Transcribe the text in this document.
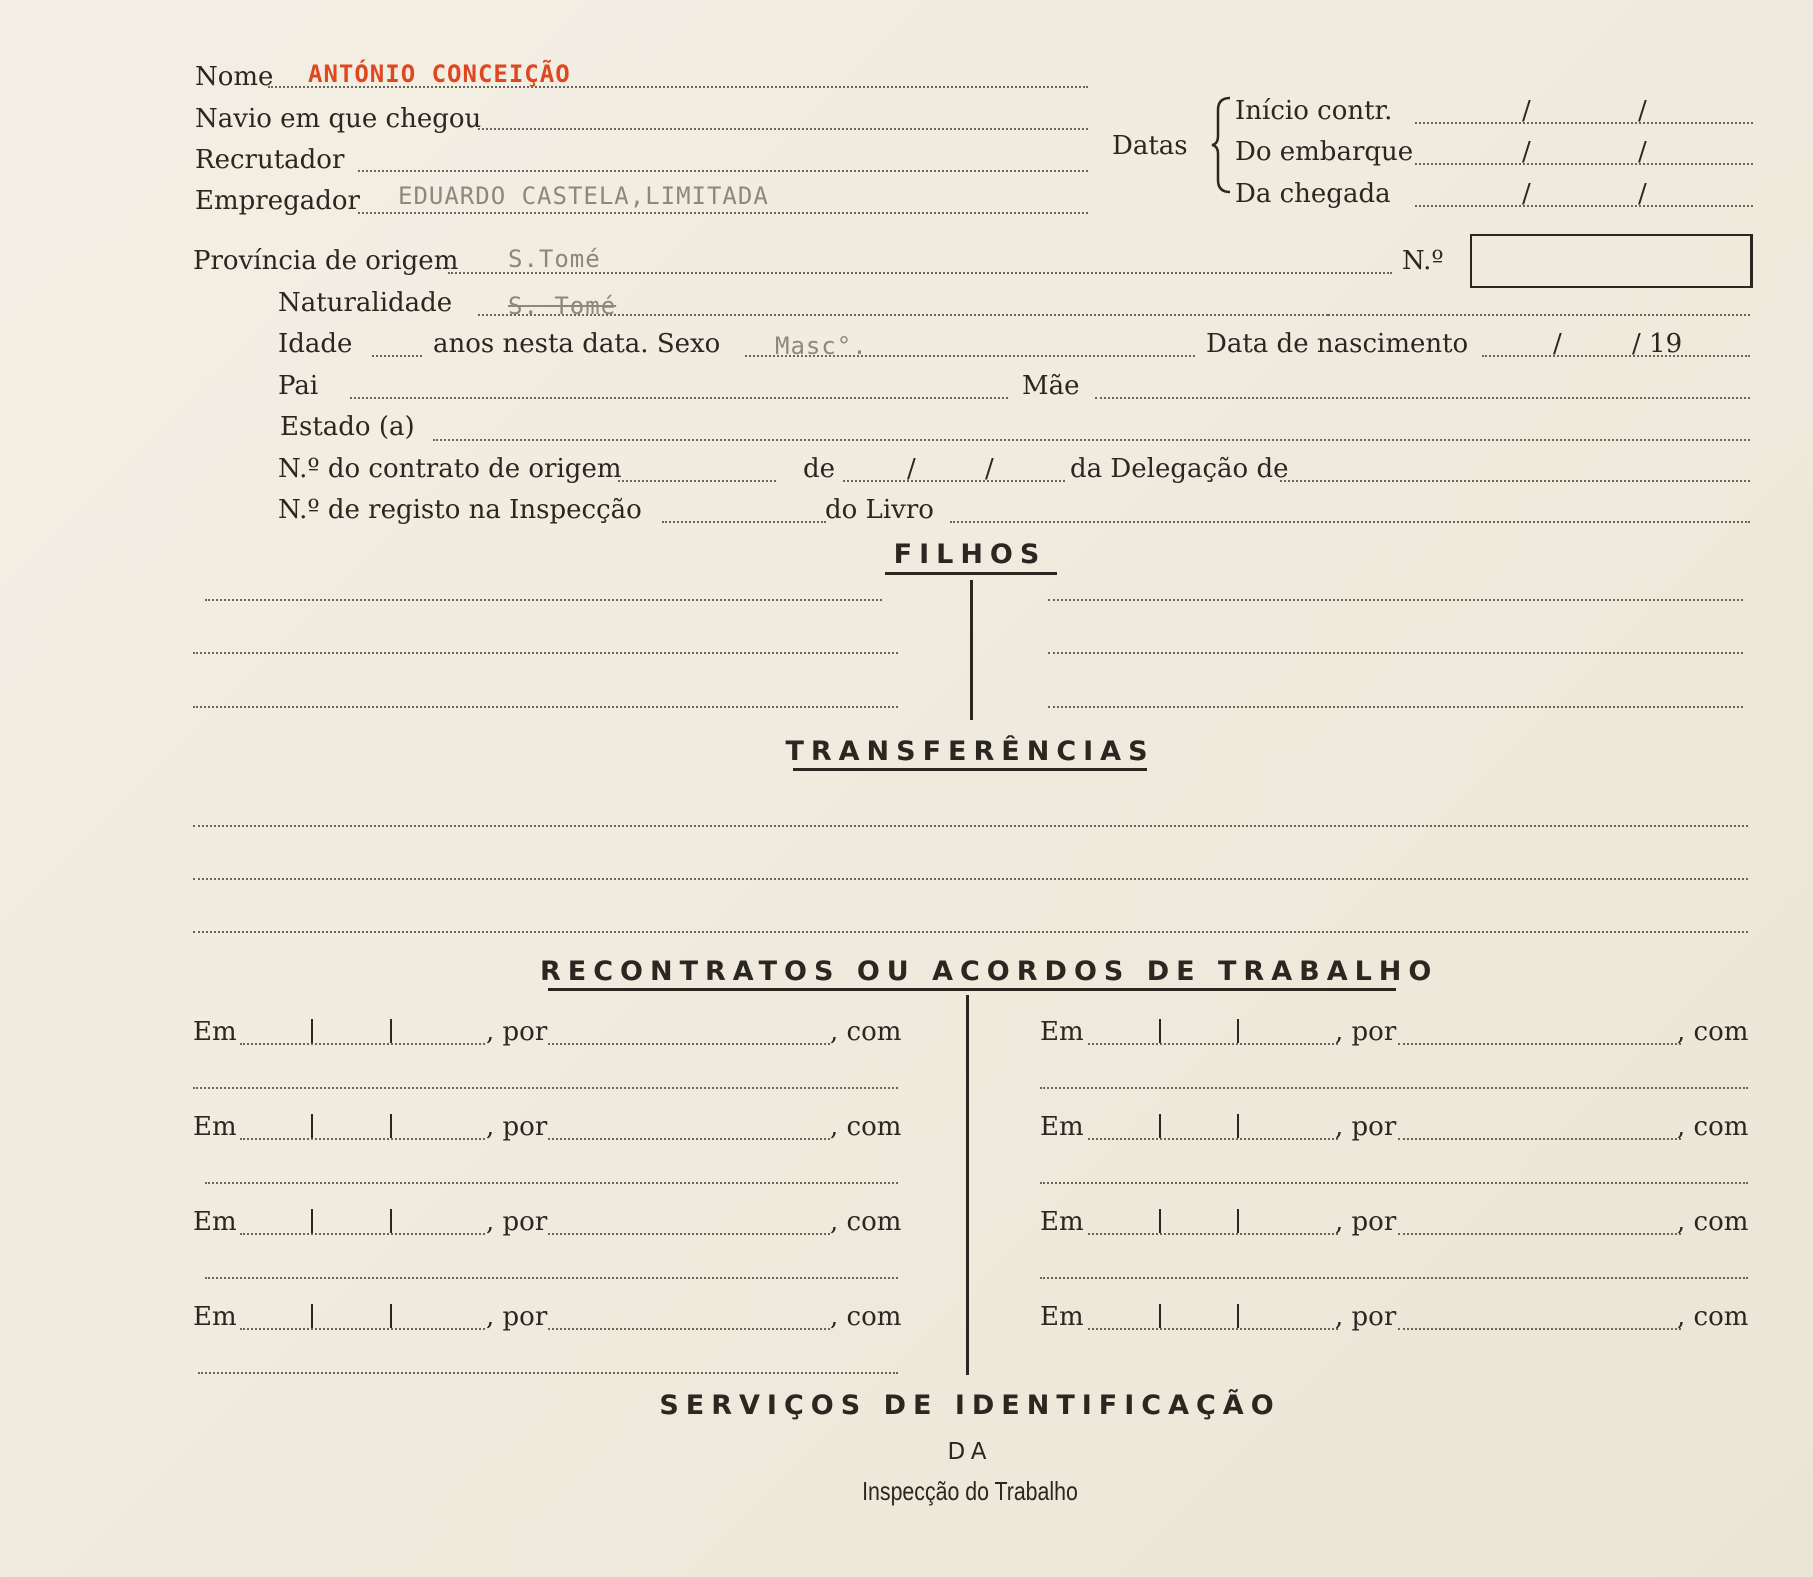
Nome ANTÓNIO CONCEIÇÃO
Navio em que chegou
Recrutador
Empregador EDUARDO CASTELA,LIMITADA
Datas
Início contr.	/	/
Do embarque	/	/
Da chegada	/	/
Província de origem S.Tomé	N.º
Naturalidade S. Tomé
Idade	anos nesta data. Sexo Masc°.	Data de nascimento	/	/ 19
Pai	Mãe
Estado (a)
N.º do contrato de origem	de	/	/	da Delegação de
N.º de registo na Inspecção	do Livro
FILHOS
TRANSFERÊNCIAS
RECONTRATOS OU ACORDOS DE TRABALHO
Em	, por	, com
Em	, por	, com
Em	, por	, com
Em	, por	, com
Em	, por	, com
Em	, por	, com
Em	, por	, com
Em	, por	, com
SERVIÇOS DE IDENTIFICAÇÃO
DA
Inspecção do Trabalho
